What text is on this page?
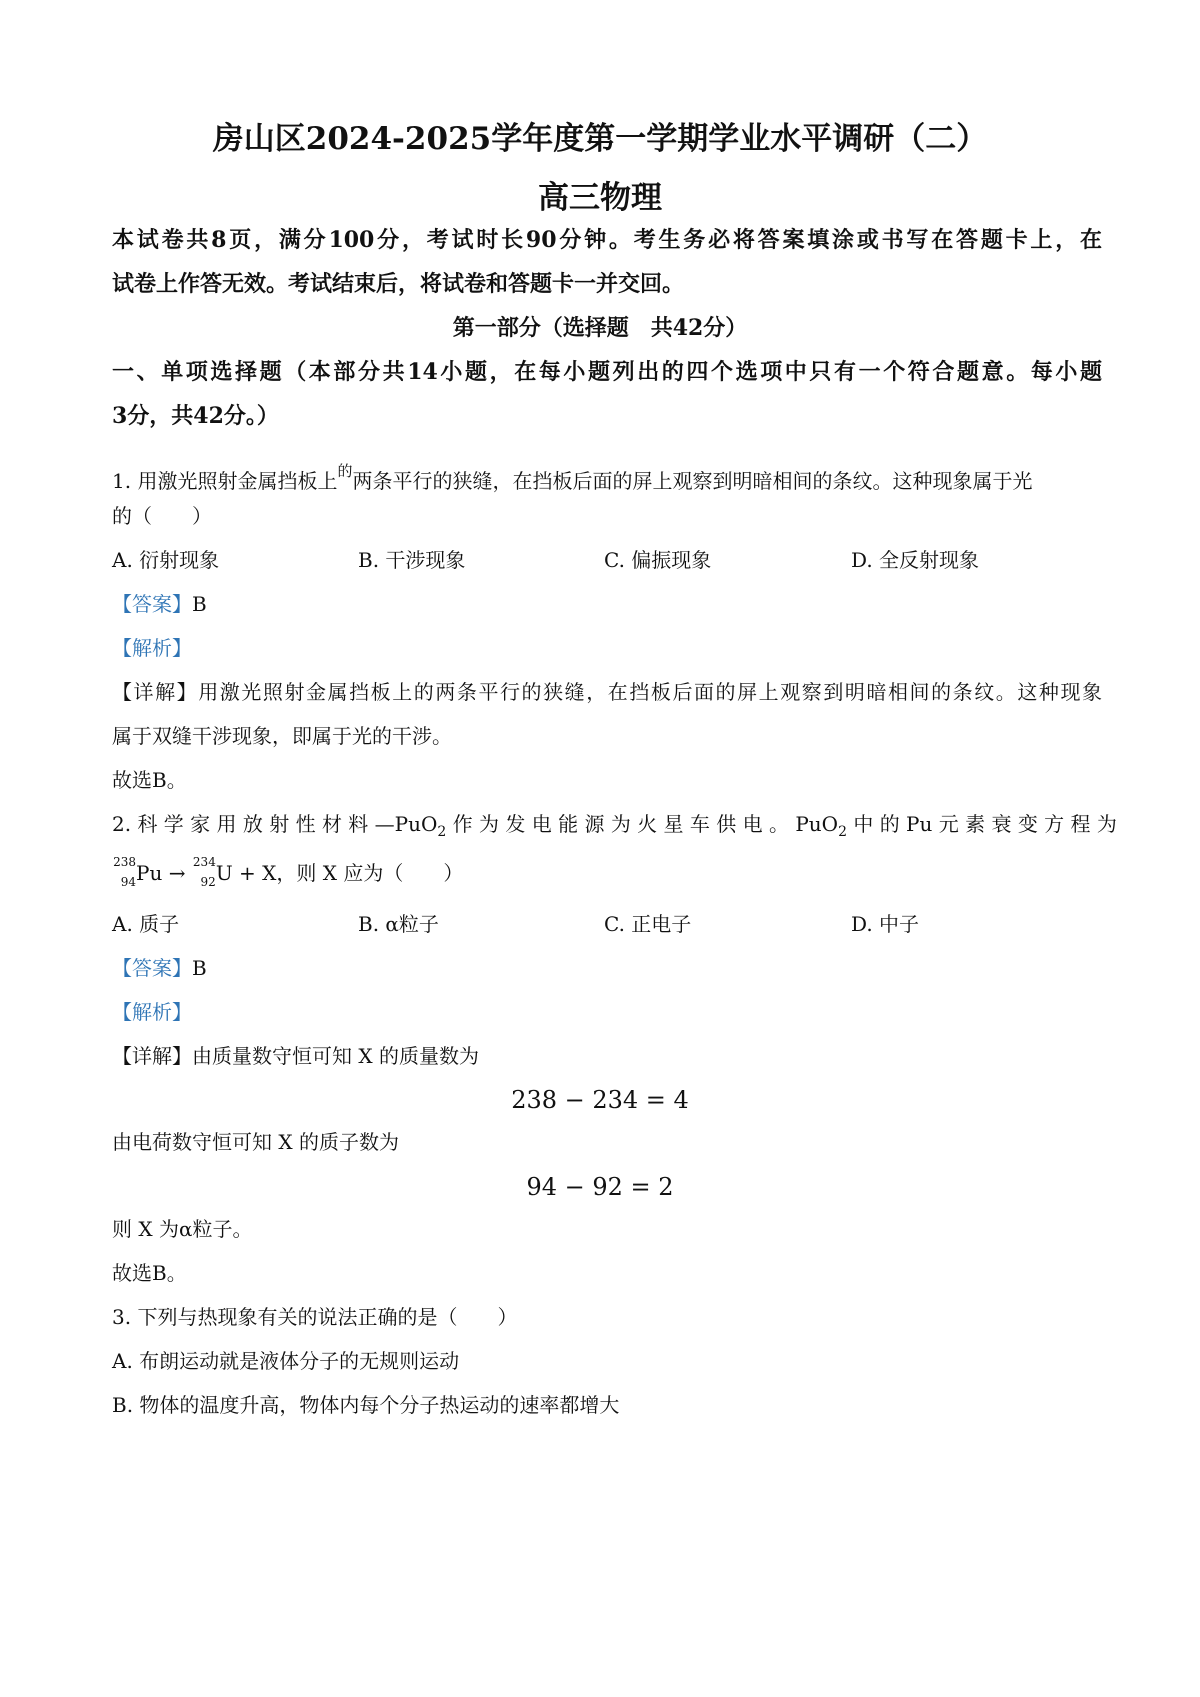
房山区2024-2025学年度第一学期学业水平调研（二）
高三物理
本试卷共8页，满分100分，考试时长90分钟。考生务必将答案填涂或书写在答题卡上，在
试卷上作答无效。考试结束后，将试卷和答题卡一并交回。
第一部分（选择题　共42分）
一、单项选择题（本部分共14小题，在每小题列出的四个选项中只有一个符合题意。每小题
3分，共42分。）
1. 用激光照射金属挡板上$^的$两条平行的狭缝，在挡板后面的屏上观察到明暗相间的条纹。这种现象属于光
的（　　）
A. 衍射现象	B. 干涉现象	C. 偏振现象	D. 全反射现象
【答案】B
【解析】
【详解】用激光照射金属挡板上的两条平行的狭缝，在挡板后面的屏上观察到明暗相间的条纹。这种现象
属于双缝干涉现象，即属于光的干涉。
故选B。
2. 科 学 家 用 放 射 性 材 料 —PuO$_2$ 作 为 发 电 能 源 为 火 星 车 供 电 。 PuO$_2$ 中 的 Pu 元 素 衰 变 方 程 为
238
94 Pu → 234
92 U + X，则 X 应为（　　）
A. 质子	B. α粒子	C. 正电子	D. 中子
【答案】B
【解析】
【详解】由质量数守恒可知 X 的质量数为
238 − 234 = 4
由电荷数守恒可知 X 的质子数为
94 − 92 = 2
则 X 为α粒子。
故选B。
3. 下列与热现象有关的说法正确的是（　　）
A. 布朗运动就是液体分子的无规则运动
B. 物体的温度升高，物体内每个分子热运动的速率都增大
